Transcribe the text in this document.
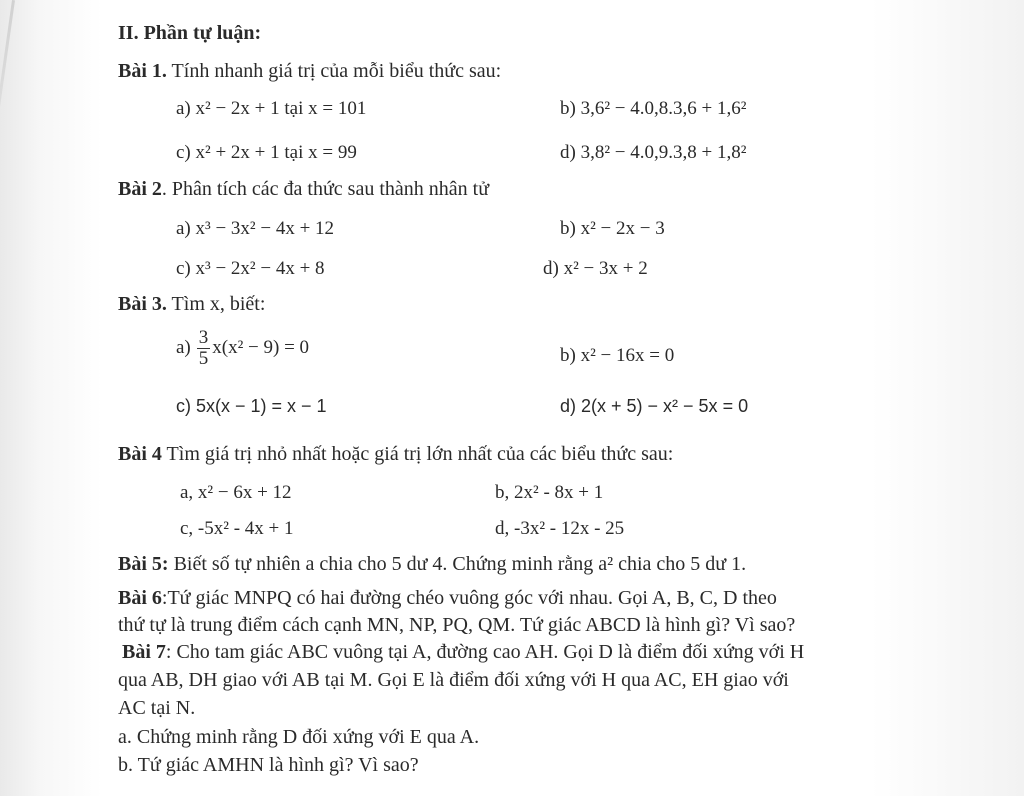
II. Phần tự luận:
Bài 1. Tính nhanh giá trị của mỗi biểu thức sau:
a) x² − 2x + 1 tại x = 101	b) 3,6² − 4.0,8.3,6 + 1,6²
c) x² + 2x + 1 tại x = 99	d) 3,8² − 4.0,9.3,8 + 1,8²
Bài 2. Phân tích các đa thức sau thành nhân tử
a) x³ − 3x² − 4x + 12	b) x² − 2x − 3
c) x³ − 2x² − 4x + 8	d) x² − 3x + 2
Bài 3. Tìm x, biết:
$a) \frac{3}{5} x(x^2 - 9) = 0$	b) x² − 16x = 0
c) 5x(x − 1) = x − 1	d) 2(x + 5) − x² − 5x = 0
Bài 4 Tìm giá trị nhỏ nhất hoặc giá trị lớn nhất của các biểu thức sau:
a, x² − 6x + 12	b, 2x² - 8x + 1
c, -5x² - 4x + 1	d, -3x² - 12x - 25
Bài 5: Biết số tự nhiên a chia cho 5 dư 4. Chứng minh rằng a² chia cho 5 dư 1.
Bài 6:Tứ giác MNPQ có hai đường chéo vuông góc với nhau. Gọi A, B, C, D theo
thứ tự là trung điểm cách cạnh MN, NP, PQ, QM. Tứ giác ABCD là hình gì? Vì sao?
Bài 7: Cho tam giác ABC vuông tại A, đường cao AH. Gọi D là điểm đối xứng với H
qua AB, DH giao với AB tại M. Gọi E là điểm đối xứng với H qua AC, EH giao với
AC tại N.
a. Chứng minh rằng D đối xứng với E qua A.
b. Tứ giác AMHN là hình gì? Vì sao?
